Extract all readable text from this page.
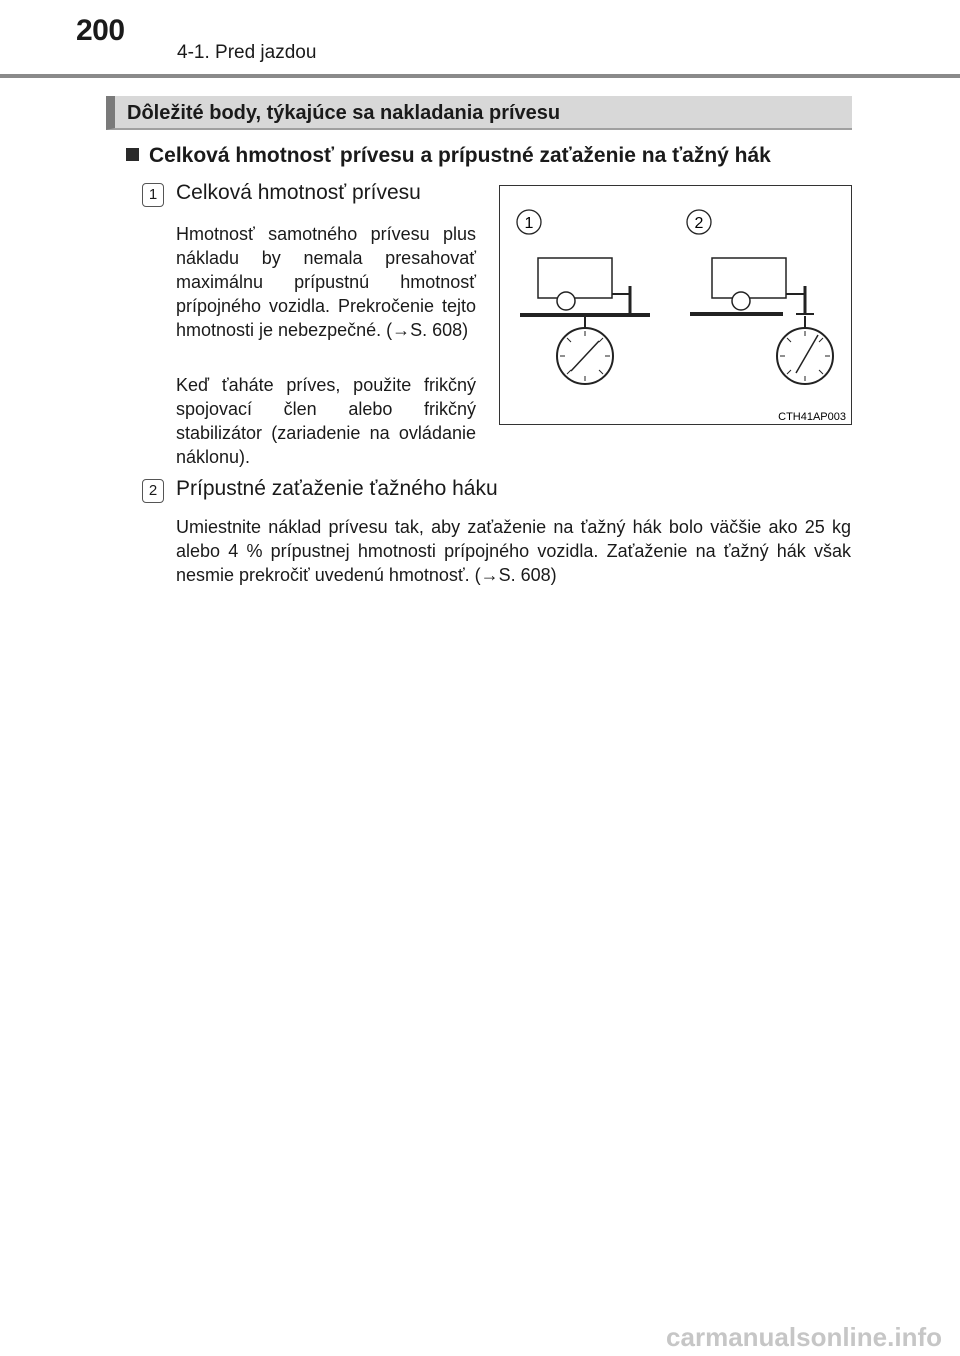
200
4-1. Pred jazdou
Dôležité body, týkajúce sa nakladania prívesu
Celková hmotnosť prívesu a prípustné zaťaženie na ťažný hák
1 Celková hmotnosť prívesu

Hmotnosť samotného prívesu plus nákladu by nemala presahovať maximálnu prípustnú hmotnosť prípojného vozidla. Prekročenie tejto hmotnosti je nebezpečné. (→S. 608)

Keď ťaháte príves, použite frikčný spojovací člen alebo frikčný stabilizátor (zariadenie na ovládanie náklonu).

1	2
CTH41AP003
2 Prípustné zaťaženie ťažného háku

Umiestnite náklad prívesu tak, aby zaťaženie na ťažný hák bolo väčšie ako 25 kg alebo 4 % prípustnej hmotnosti prípojného vozidla. Zaťaženie na ťažný hák však nesmie prekročiť uvedenú hmotnosť. (→S. 608)

carmanualsonline.info
